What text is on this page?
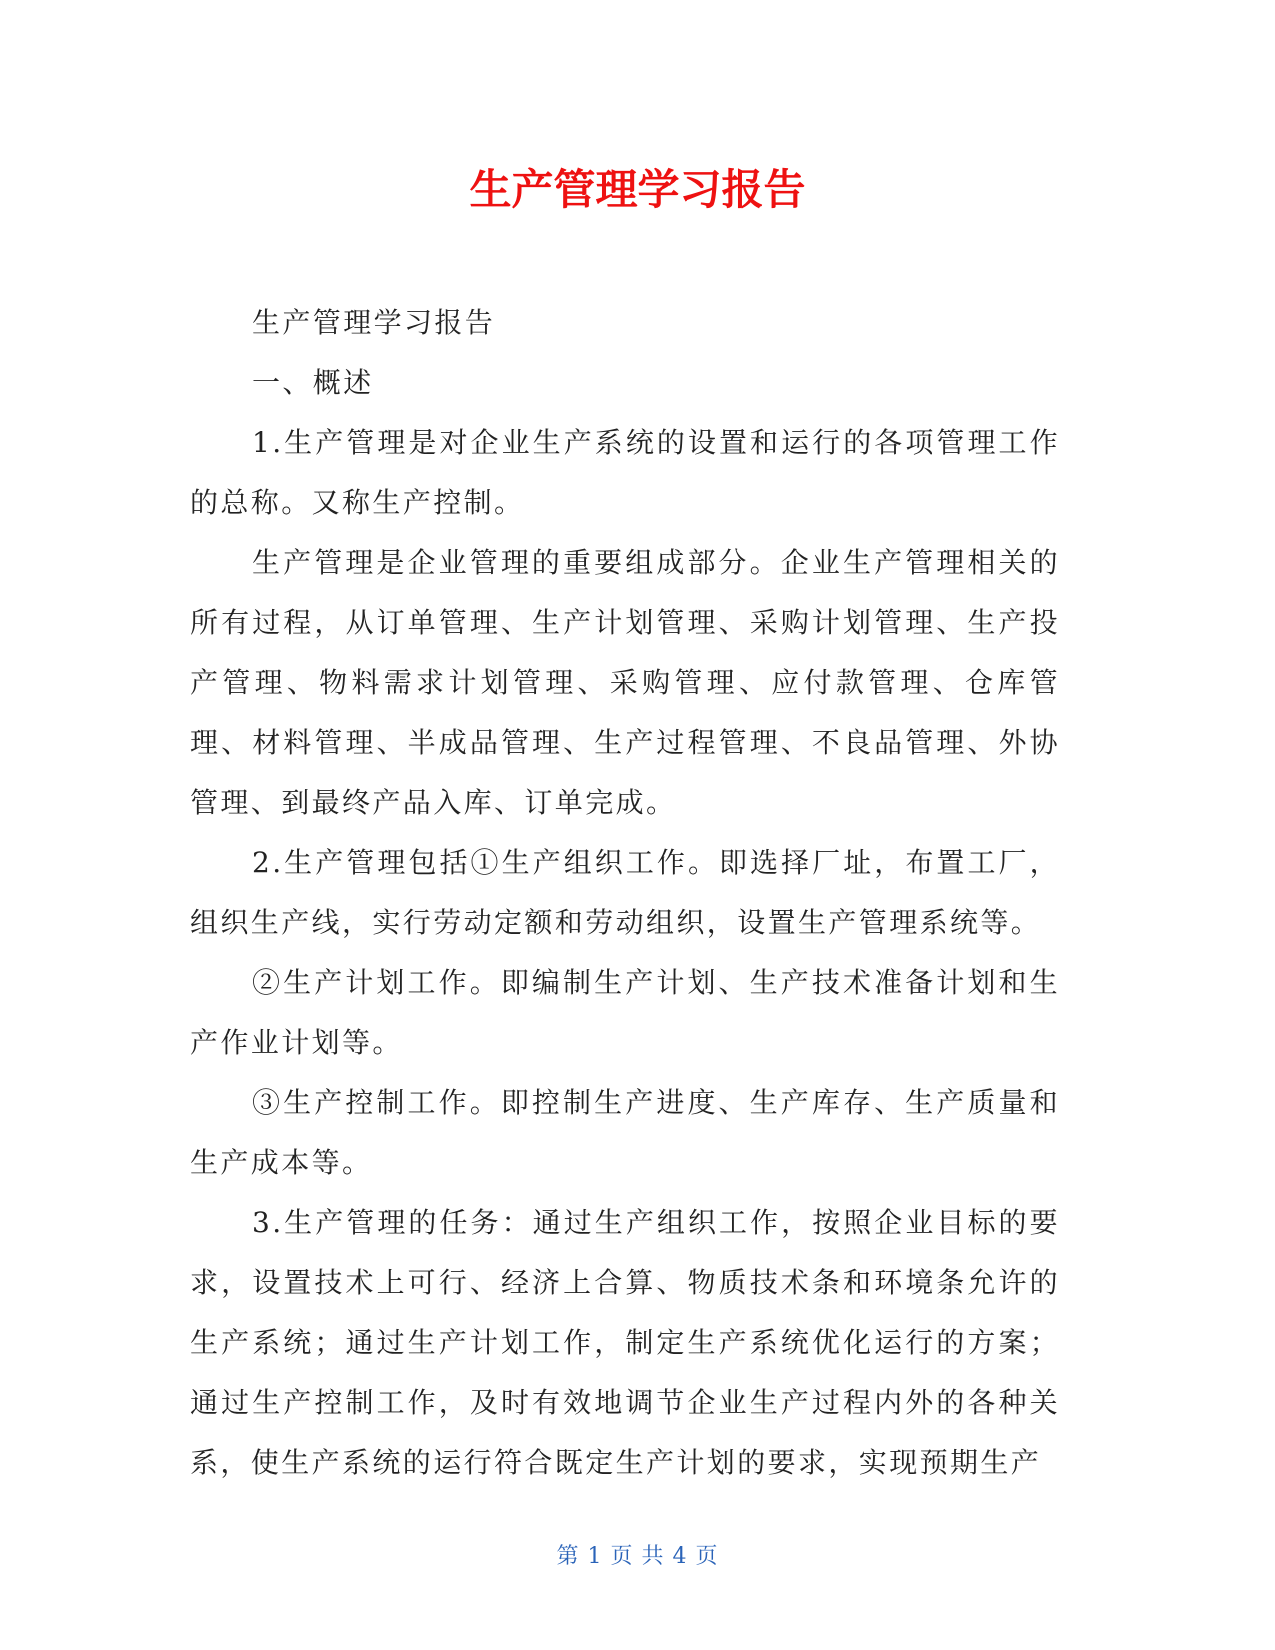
生产管理学习报告

生产管理学习报告

一、概述

1.生产管理是对企业生产系统的设置和运行的各项管理工作的总称。又称生产控制。

生产管理是企业管理的重要组成部分。企业生产管理相关的所有过程，从订单管理、生产计划管理、采购计划管理、生产投产管理、物料需求计划管理、采购管理、应付款管理、仓库管理、材料管理、半成品管理、生产过程管理、不良品管理、外协管理、到最终产品入库、订单完成。

2.生产管理包括①生产组织工作。即选择厂址，布置工厂，组织生产线，实行劳动定额和劳动组织，设置生产管理系统等。

②生产计划工作。即编制生产计划、生产技术准备计划和生产作业计划等。

③生产控制工作。即控制生产进度、生产库存、生产质量和生产成本等。

3.生产管理的任务：通过生产组织工作，按照企业目标的要求，设置技术上可行、经济上合算、物质技术条和环境条允许的生产系统；通过生产计划工作，制定生产系统优化运行的方案；通过生产控制工作，及时有效地调节企业生产过程内外的各种关系，使生产系统的运行符合既定生产计划的要求，实现预期生产

第 1 页 共 4 页
